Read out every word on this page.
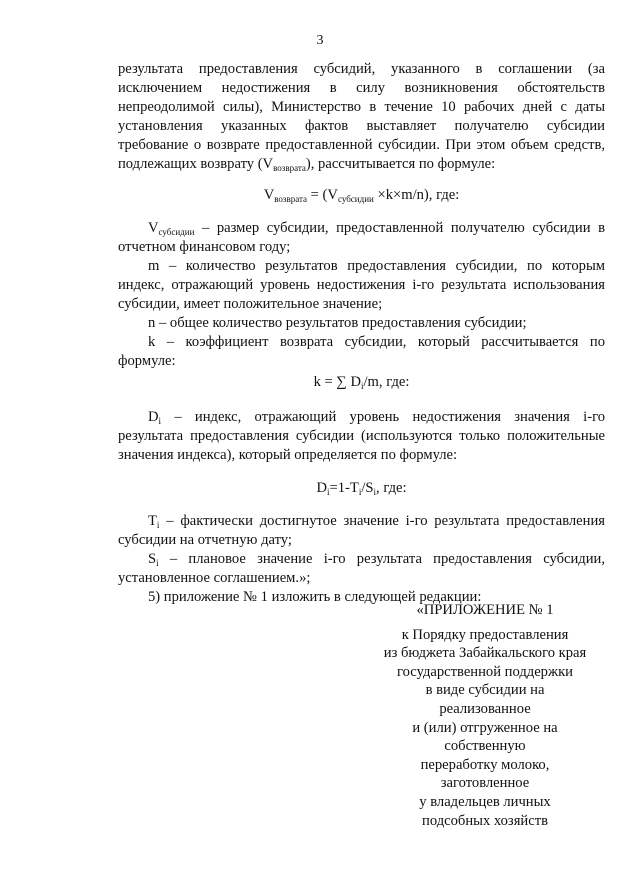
3

результата предоставления субсидий, указанного в соглашении (за исключением недостижения в силу возникновения обстоятельств непреодолимой силы), Министерство в течение 10 рабочих дней с даты установления указанных фактов выставляет получателю субсидии требование о возврате предоставленной субсидии. При этом объем средств, подлежащих возврату $(V_{возврата})$, рассчитывается по формуле:

$V_{возврата} = (V_{субсидии} \times k\times m/n)$, где:

$V_{субсидии}$ – размер субсидии, предоставленной получателю субсидии в отчетном финансовом году;

m – количество результатов предоставления субсидии, по которым индекс, отражающий уровень недостижения i-го результата использования субсидии, имеет положительное значение;

n – общее количество результатов предоставления субсидии;

k – коэффициент возврата субсидии, который рассчитывается по формуле:

k = ∑ $D_i/m$, где:

$D_i$ – индекс, отражающий уровень недостижения значения i-го результата предоставления субсидии (используются только положительные значения индекса), который определяется по формуле:

$D_i=1-T_i/S_i$, где:

$T_i$ – фактически достигнутое значение i-го результата предоставления субсидии на отчетную дату;

$S_i$ – плановое значение i-го результата предоставления субсидии, установленное соглашением.»;

5) приложение № 1 изложить в следующей редакции:

«ПРИЛОЖЕНИЕ № 1
к Порядку предоставления
из бюджета Забайкальского края
государственной поддержки
в виде субсидии на реализованное
и (или) отгруженное на собственную
переработку молоко, заготовленное
у владельцев личных
подсобных хозяйств
